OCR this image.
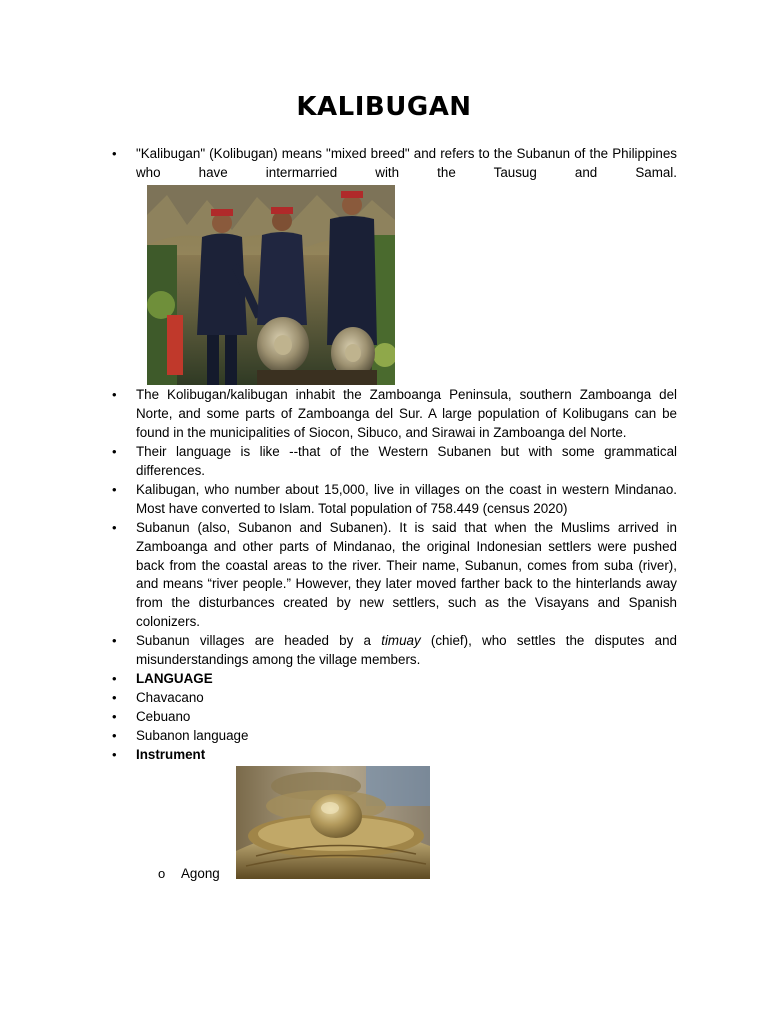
KALIBUGAN
• "Kalibugan" (Kolibugan) means "mixed breed" and refers to the Subanun of the Philippines who have intermarried with the Tausug and Samal.
• The Kolibugan/kalibugan inhabit the Zamboanga Peninsula, southern Zamboanga del Norte, and some parts of Zamboanga del Sur. A large population of Kolibugans can be found in the municipalities of Siocon, Sibuco, and Sirawai in Zamboanga del Norte.
• Their language is like --that of the Western Subanen but with some grammatical differences.
• Kalibugan, who number about 15,000, live in villages on the coast in western Mindanao. Most have converted to Islam. Total population of 758.449 (census 2020)
• Subanun (also, Subanon and Subanen). It is said that when the Muslims arrived in Zamboanga and other parts of Mindanao, the original Indonesian settlers were pushed back from the coastal areas to the river. Their name, Subanun, comes from suba (river), and means “river people.” However, they later moved farther back to the hinterlands away from the disturbances created by new settlers, such as the Visayans and Spanish colonizers.
• Subanun villages are headed by a timuay (chief), who settles the disputes and misunderstandings among the village members.
• LANGUAGE
• Chavacano
• Cebuano
• Subanon language
• Instrument
o Agong
